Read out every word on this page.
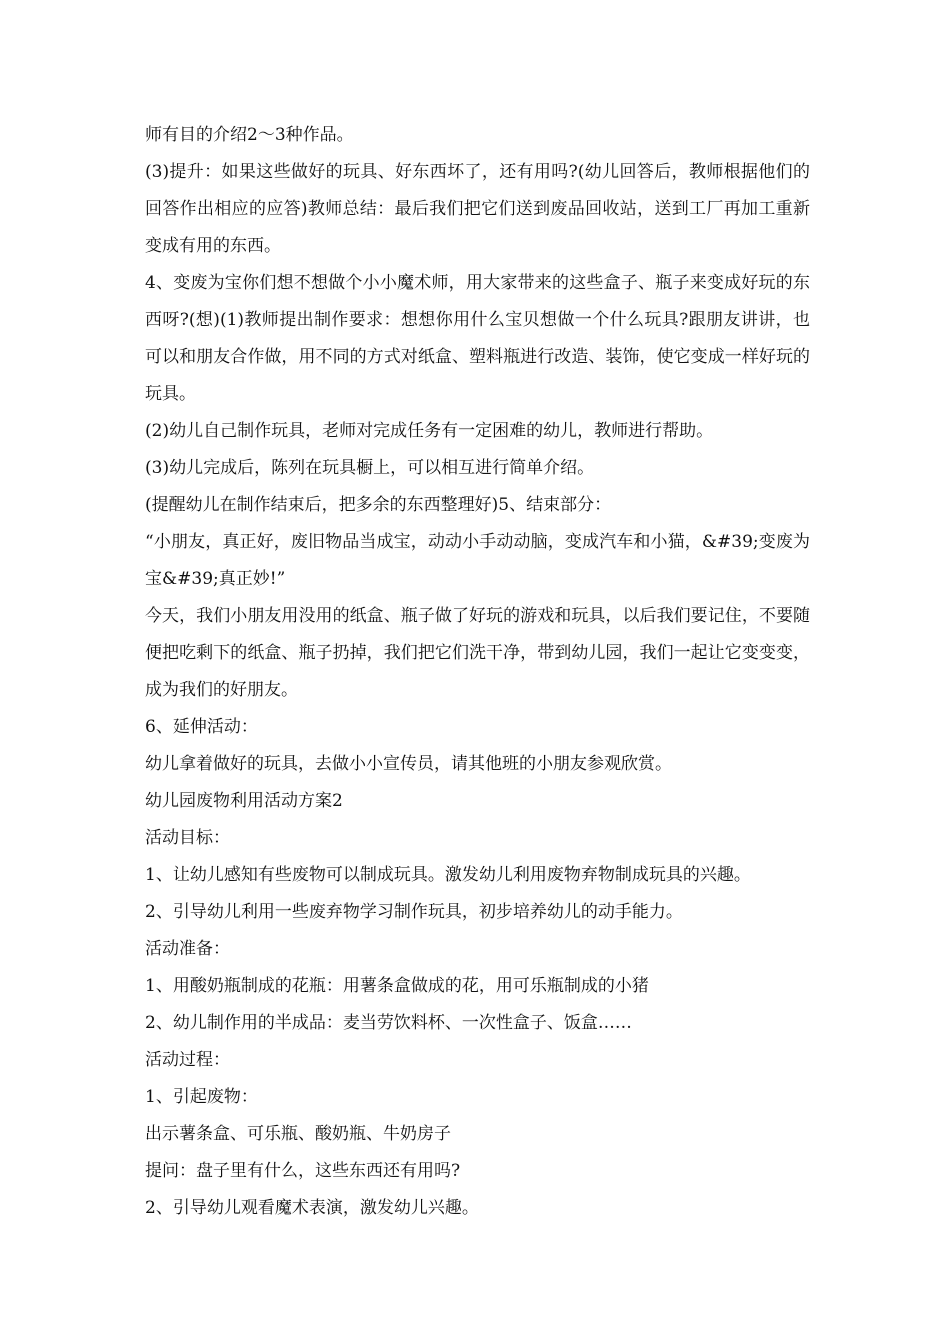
师有目的介绍2～3种作品。

(3)提升：如果这些做好的玩具、好东西坏了，还有用吗?(幼儿回答后，教师根据他们的回答作出相应的应答)教师总结：最后我们把它们送到废品回收站，送到工厂再加工重新变成有用的东西。

4、变废为宝你们想不想做个小小魔术师，用大家带来的这些盒子、瓶子来变成好玩的东西呀?(想)(1)教师提出制作要求：想想你用什么宝贝想做一个什么玩具?跟朋友讲讲，也可以和朋友合作做，用不同的方式对纸盒、塑料瓶进行改造、装饰，使它变成一样好玩的玩具。

(2)幼儿自己制作玩具，老师对完成任务有一定困难的幼儿，教师进行帮助。

(3)幼儿完成后，陈列在玩具橱上，可以相互进行简单介绍。

(提醒幼儿在制作结束后，把多余的东西整理好)5、结束部分：

“小朋友，真正好，废旧物品当成宝，动动小手动动脑，变成汽车和小猫，&#39;变废为宝&#39;真正妙!”

今天，我们小朋友用没用的纸盒、瓶子做了好玩的游戏和玩具，以后我们要记住，不要随便把吃剩下的纸盒、瓶子扔掉，我们把它们洗干净，带到幼儿园，我们一起让它变变变，成为我们的好朋友。

6、延伸活动：

幼儿拿着做好的玩具，去做小小宣传员，请其他班的小朋友参观欣赏。

幼儿园废物利用活动方案2

活动目标：

1、让幼儿感知有些废物可以制成玩具。激发幼儿利用废物弃物制成玩具的兴趣。

2、引导幼儿利用一些废弃物学习制作玩具，初步培养幼儿的动手能力。

活动准备：

1、用酸奶瓶制成的花瓶：用薯条盒做成的花，用可乐瓶制成的小猪

2、幼儿制作用的半成品：麦当劳饮料杯、一次性盒子、饭盒……

活动过程：

1、引起废物：

出示薯条盒、可乐瓶、酸奶瓶、牛奶房子

提问：盘子里有什么，这些东西还有用吗?

2、引导幼儿观看魔术表演，激发幼儿兴趣。
